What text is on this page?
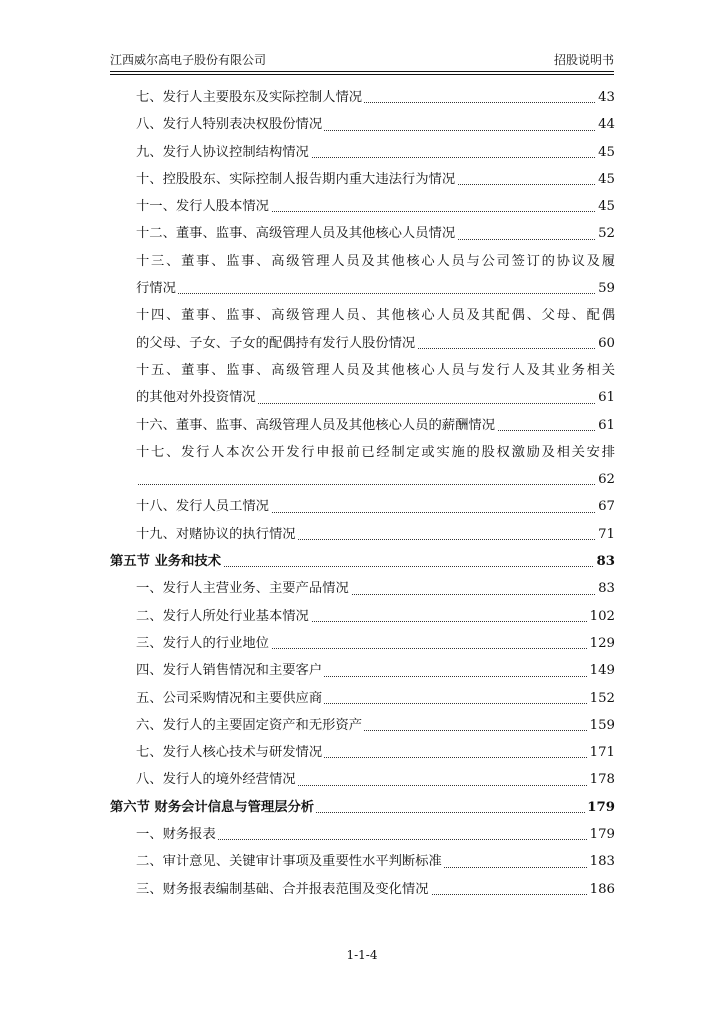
江西威尔高电子股份有限公司	招股说明书
七、发行人主要股东及实际控制人情况	43
八、发行人特别表决权股份情况	44
九、发行人协议控制结构情况	45
十、控股股东、实际控制人报告期内重大违法行为情况	45
十一、发行人股本情况	45
十二、董事、监事、高级管理人员及其他核心人员情况	52
十三、董事、监事、高级管理人员及其他核心人员与公司签订的协议及履
行情况	59
十四、董事、监事、高级管理人员、其他核心人员及其配偶、父母、配偶
的父母、子女、子女的配偶持有发行人股份情况	60
十五、董事、监事、高级管理人员及其他核心人员与发行人及其业务相关
的其他对外投资情况	61
十六、董事、监事、高级管理人员及其他核心人员的薪酬情况	61
十七、发行人本次公开发行申报前已经制定或实施的股权激励及相关安排
62
十八、发行人员工情况	67
十九、对赌协议的执行情况	71
第五节 业务和技术	83
一、发行人主营业务、主要产品情况	83
二、发行人所处行业基本情况	102
三、发行人的行业地位	129
四、发行人销售情况和主要客户	149
五、公司采购情况和主要供应商	152
六、发行人的主要固定资产和无形资产	159
七、发行人核心技术与研发情况	171
八、发行人的境外经营情况	178
第六节 财务会计信息与管理层分析	179
一、财务报表	179
二、审计意见、关键审计事项及重要性水平判断标准	183
三、财务报表编制基础、合并报表范围及变化情况	186
1-1-4
